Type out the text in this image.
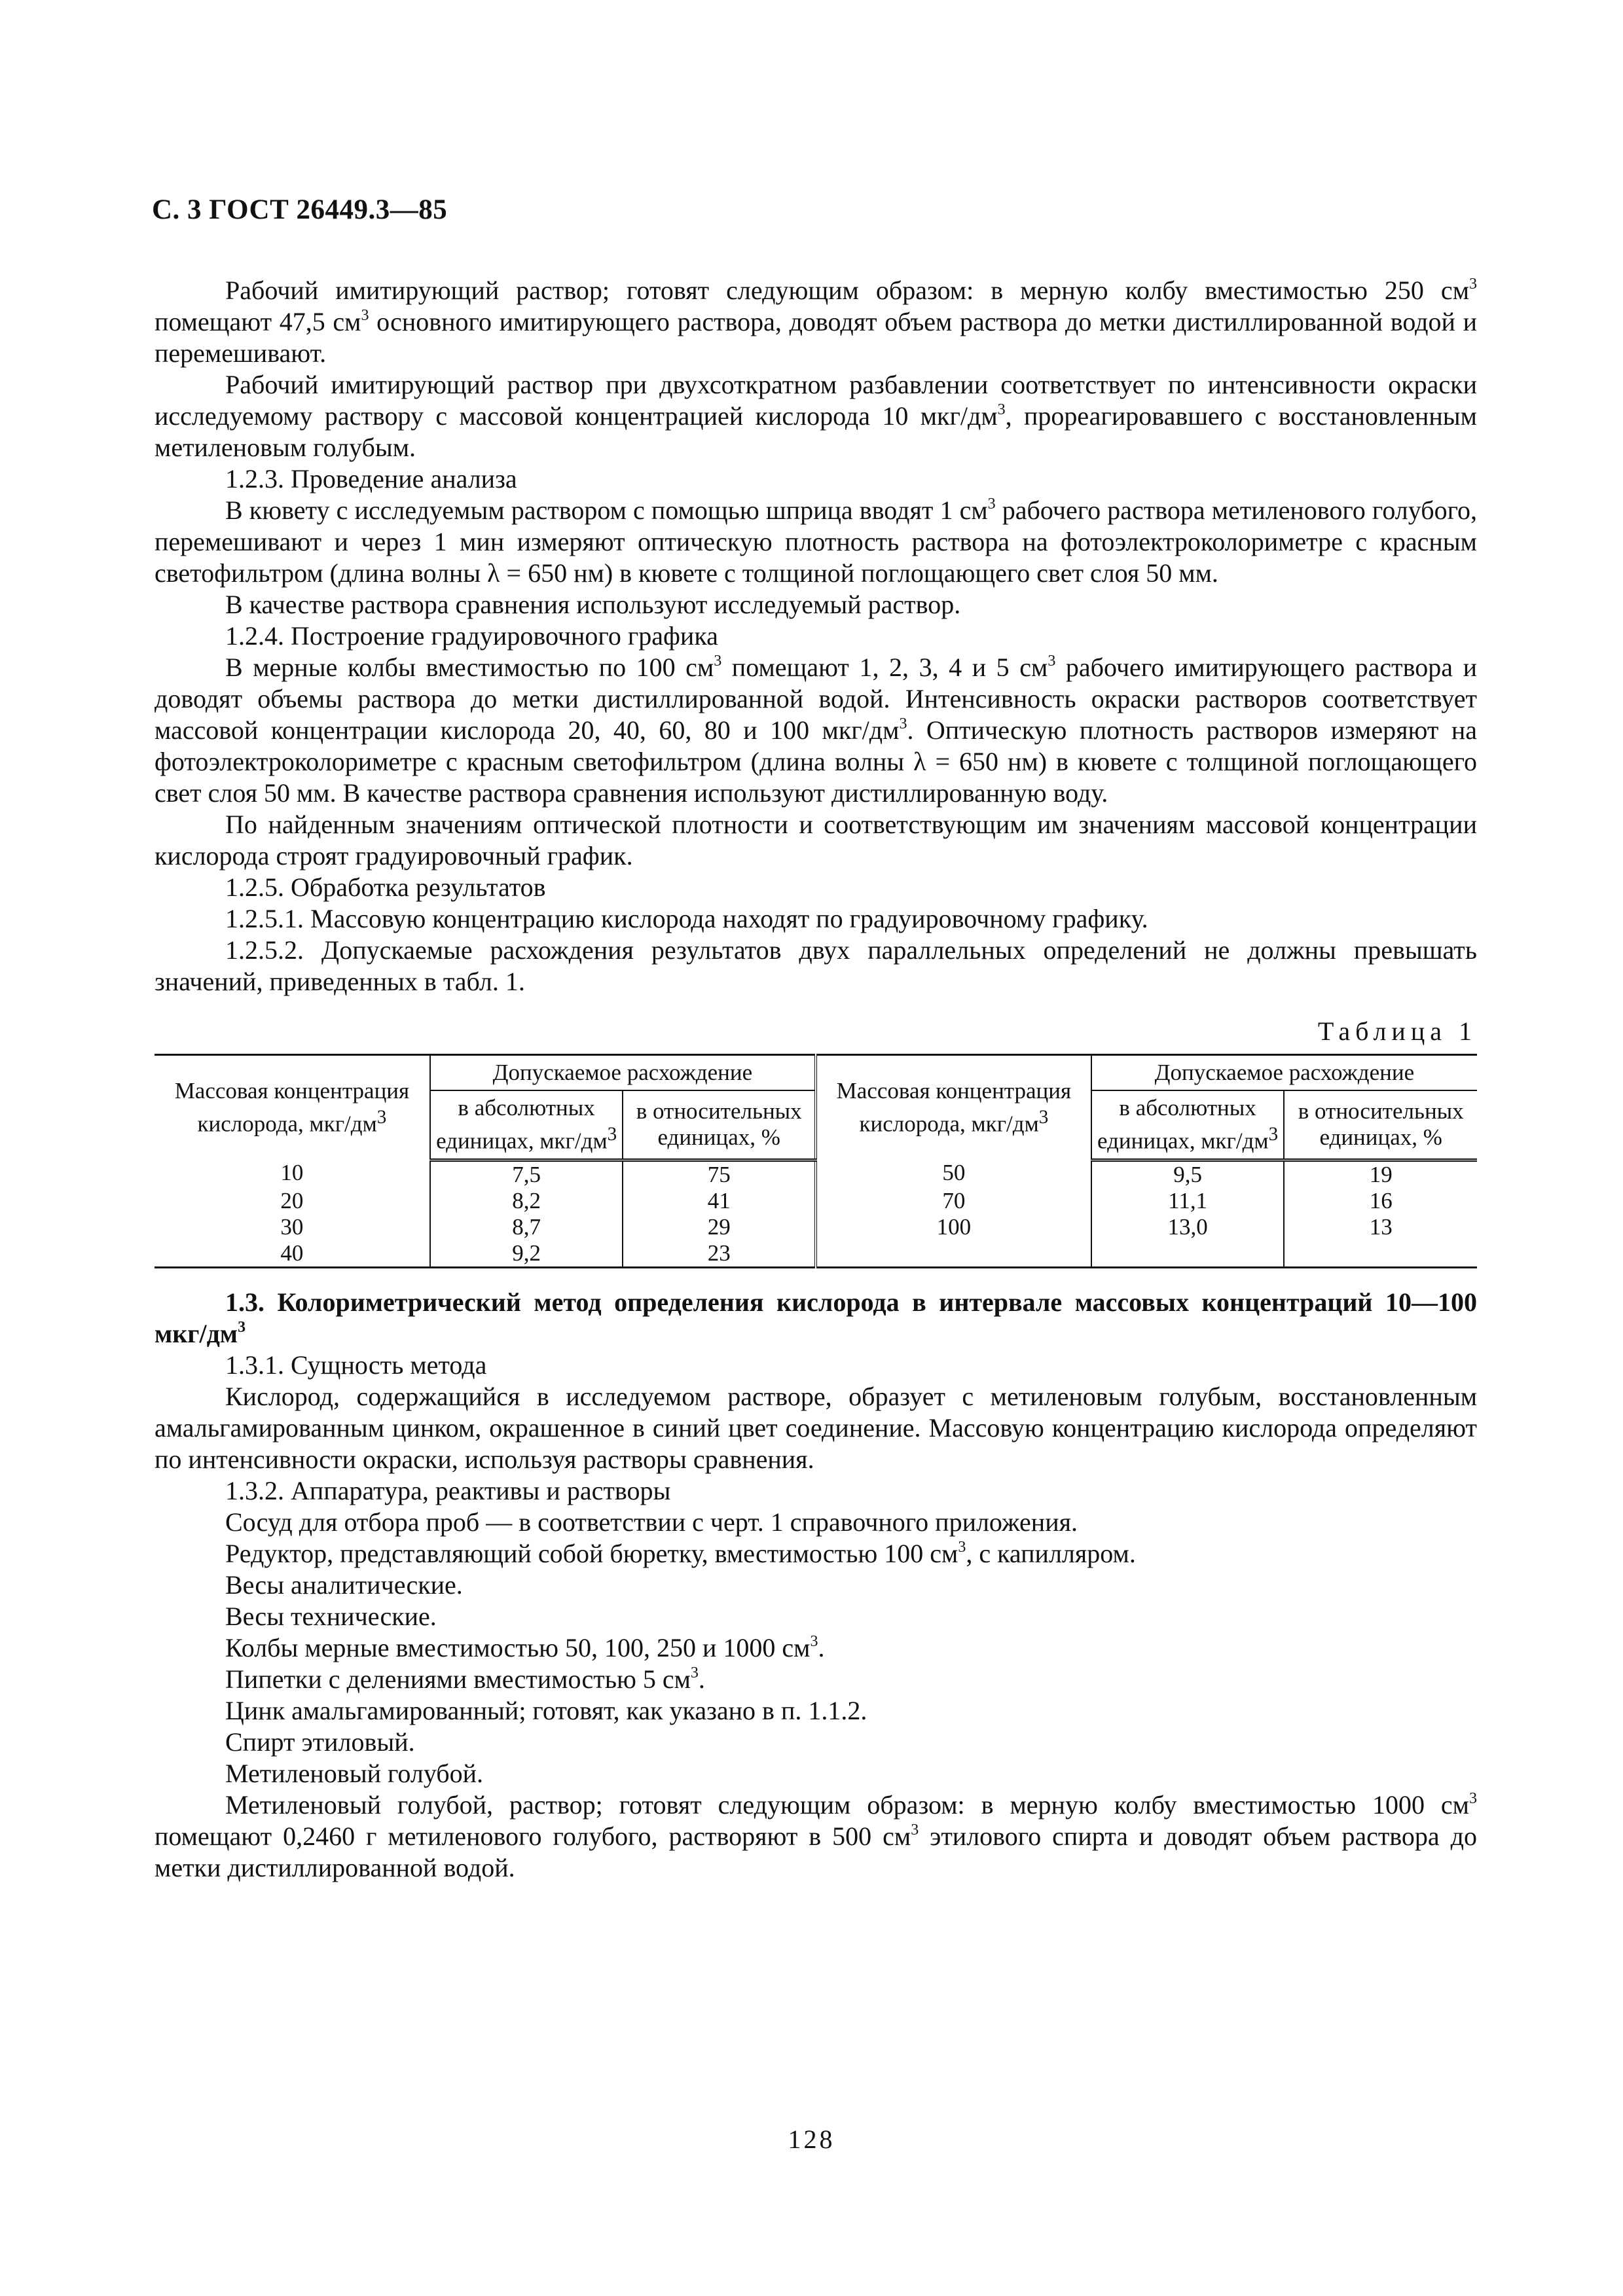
С. 3 ГОСТ 26449.3—85

Рабочий имитирующий раствор; готовят следующим образом: в мерную колбу вместимостью 250 $см^3$ помещают 47,5 $см^3$ основного имитирующего раствора, доводят объем раствора до метки дистиллированной водой и перемешивают.

Рабочий имитирующий раствор при двухсоткратном разбавлении соответствует по интенсивности окраски исследуемому раствору с массовой концентрацией кислорода 10 мкг/$дм^3$, прореагировавшего с восстановленным метиленовым голубым.

1.2.3. Проведение анализа

В кювету с исследуемым раствором с помощью шприца вводят 1 $см^3$ рабочего раствора метиленового голубого, перемешивают и через 1 мин измеряют оптическую плотность раствора на фотоэлектроколориметре с красным светофильтром (длина волны λ = 650 нм) в кювете с толщиной поглощающего свет слоя 50 мм.

В качестве раствора сравнения используют исследуемый раствор.

1.2.4. Построение градуировочного графика

В мерные колбы вместимостью по 100 $см^3$ помещают 1, 2, 3, 4 и 5 $см^3$ рабочего имитирующего раствора и доводят объемы раствора до метки дистиллированной водой. Интенсивность окраски растворов соответствует массовой концентрации кислорода 20, 40, 60, 80 и 100 мкг/$дм^3$. Оптическую плотность растворов измеряют на фотоэлектроколориметре с красным светофильтром (длина волны λ = 650 нм) в кювете с толщиной поглощающего свет слоя 50 мм. В качестве раствора сравнения используют дистиллированную воду.

По найденным значениям оптической плотности и соответствующим им значениям массовой концентрации кислорода строят градуировочный график.

1.2.5. Обработка результатов

1.2.5.1. Массовую концентрацию кислорода находят по градуировочному графику.

1.2.5.2. Допускаемые расхождения результатов двух параллельных определений не должны превышать значений, приведенных в табл. 1.

Таблица 1
Массовая концентрация кислорода, мкг/$дм^3$	Допускаемое расхождение		Массовая концентрация кислорода, мкг/$дм^3$	Допускаемое расхождение	
	в абсолютных единицах, мкг/$дм^3$	в относительных единицах, %		в абсолютных единицах, мкг/$дм^3$	в относительных единицах, %
10	7,5	75	50	9,5	19
20	8,2	41	70	11,1	16
30	8,7	29	100	13,0	13
40	9,2	23			

1.3. Колориметрический метод определения кислорода в интервале массовых концентраций 10—100 мкг/$дм^3$

1.3.1. Сущность метода

Кислород, содержащийся в исследуемом растворе, образует с метиленовым голубым, восстановленным амальгамированным цинком, окрашенное в синий цвет соединение. Массовую концентрацию кислорода определяют по интенсивности окраски, используя растворы сравнения.

1.3.2. Аппаратура, реактивы и растворы

Сосуд для отбора проб — в соответствии с черт. 1 справочного приложения.

Редуктор, представляющий собой бюретку, вместимостью 100 $см^3$, с капилляром.

Весы аналитические.

Весы технические.

Колбы мерные вместимостью 50, 100, 250 и 1000 $см^3$.

Пипетки с делениями вместимостью 5 $см^3$.

Цинк амальгамированный; готовят, как указано в п. 1.1.2.

Спирт этиловый.

Метиленовый голубой.

Метиленовый голубой, раствор; готовят следующим образом: в мерную колбу вместимостью 1000 $см^3$ помещают 0,2460 г метиленового голубого, растворяют в 500 $см^3$ этилового спирта и доводят объем раствора до метки дистиллированной водой.

128
